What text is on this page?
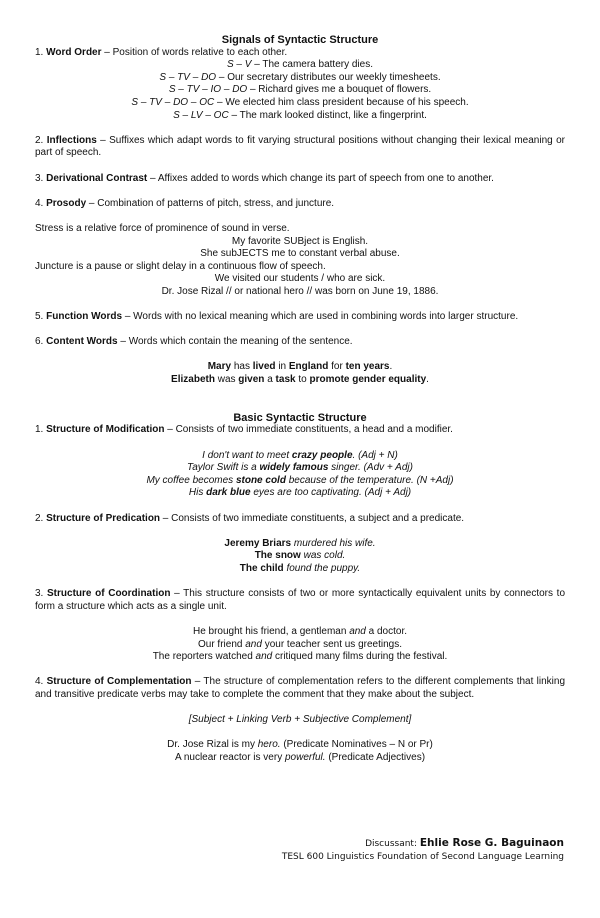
Signals of Syntactic Structure

1. Word Order – Position of words relative to each other.

S – V – The camera battery dies.

S – TV – DO – Our secretary distributes our weekly timesheets.

S – TV – IO – DO – Richard gives me a bouquet of flowers.

S – TV – DO – OC – We elected him class president because of his speech.

S – LV – OC – The mark looked distinct, like a fingerprint.

2. Inflections – Suffixes which adapt words to fit varying structural positions without changing their lexical meaning or part of speech.

3. Derivational Contrast – Affixes added to words which change its part of speech from one to another.

4. Prosody – Combination of patterns of pitch, stress, and juncture.

Stress is a relative force of prominence of sound in verse.

My favorite SUBject is English.

She subJECTS me to constant verbal abuse.

Juncture is a pause or slight delay in a continuous flow of speech.

We visited our students / who are sick.

Dr. Jose Rizal // or national hero // was born on June 19, 1886.

5. Function Words – Words with no lexical meaning which are used in combining words into larger structure.

6. Content Words – Words which contain the meaning of the sentence.

Mary has lived in England for ten years.

Elizabeth was given a task to promote gender equality.

Basic Syntactic Structure

1. Structure of Modification – Consists of two immediate constituents, a head and a modifier.

I don't want to meet crazy people. (Adj + N)

Taylor Swift is a widely famous singer. (Adv + Adj)

My coffee becomes stone cold because of the temperature. (N +Adj)

His dark blue eyes are too captivating. (Adj + Adj)

2. Structure of Predication – Consists of two immediate constituents, a subject and a predicate.

Jeremy Briars murdered his wife.

The snow was cold.

The child found the puppy.

3. Structure of Coordination – This structure consists of two or more syntactically equivalent units by connectors to form a structure which acts as a single unit.

He brought his friend, a gentleman and a doctor.

Our friend and your teacher sent us greetings.

The reporters watched and critiqued many films during the festival.

4. Structure of Complementation – The structure of complementation refers to the different complements that linking and transitive predicate verbs may take to complete the comment that they make about the subject.

[Subject + Linking Verb + Subjective Complement]

Dr. Jose Rizal is my hero. (Predicate Nominatives – N or Pr)

A nuclear reactor is very powerful. (Predicate Adjectives)

Discussant: Ehlie Rose G. Baguinaon
TESL 600 Linguistics Foundation of Second Language Learning
